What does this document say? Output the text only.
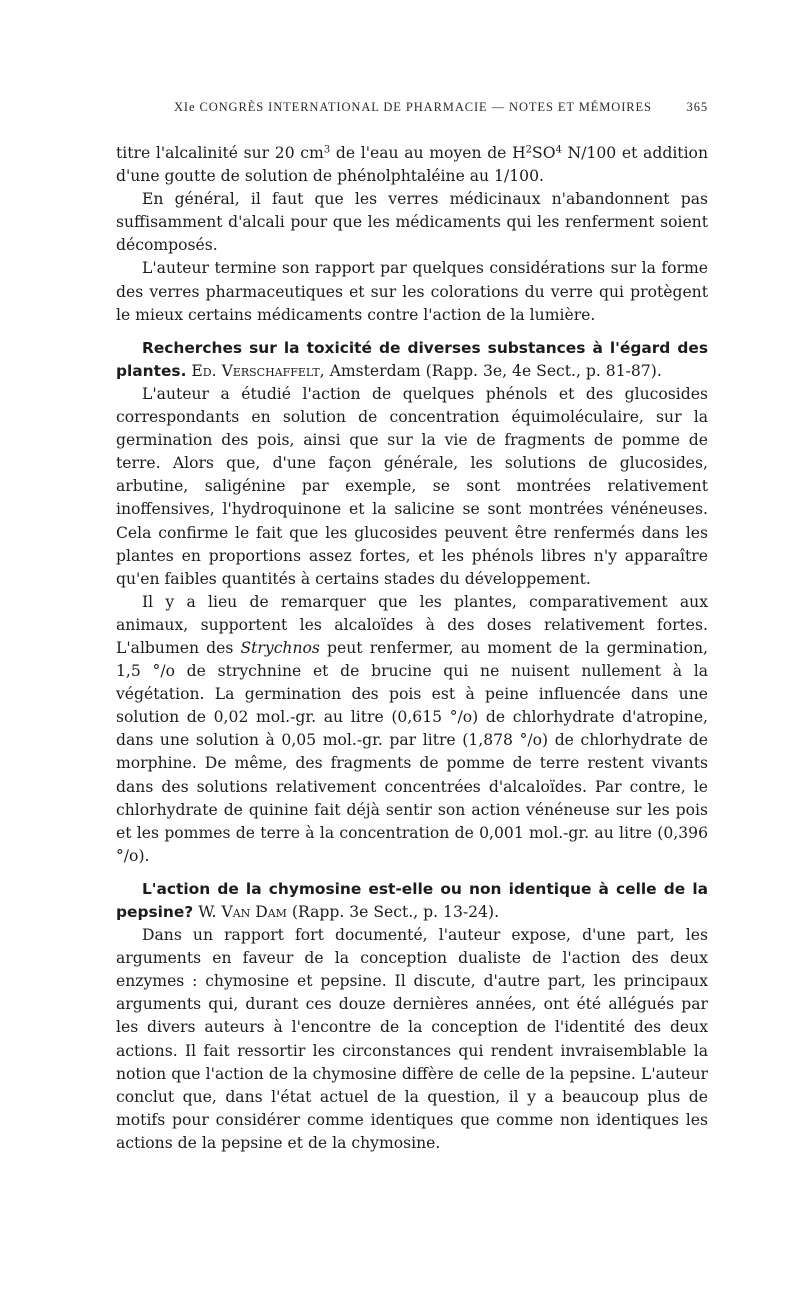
XIe CONGRÈS INTERNATIONAL DE PHARMACIE — NOTES ET MÉMOIRES	365

titre l'alcalinité sur 20 $cm^3$ de l'eau au moyen de $H^2SO^4$ N/100 et addition d'une goutte de solution de phénolphtaléine au 1/100.

En général, il faut que les verres médicinaux n'abandonnent pas suffisamment d'alcali pour que les médicaments qui les renferment soient décomposés.

L'auteur termine son rapport par quelques considérations sur la forme des verres pharmaceutiques et sur les colorations du verre qui protègent le mieux certains médicaments contre l'action de la lumière.

Recherches sur la toxicité de diverses substances à l'égard des plantes. Ed. Verschaffelt, Amsterdam (Rapp. 3e, 4e Sect., p. 81-87).

L'auteur a étudié l'action de quelques phénols et des glucosides correspondants en solution de concentration équimoléculaire, sur la germination des pois, ainsi que sur la vie de fragments de pomme de terre. Alors que, d'une façon générale, les solutions de glucosides, arbutine, saligénine par exemple, se sont montrées relativement inoffensives, l'hydroquinone et la salicine se sont montrées vénéneuses. Cela confirme le fait que les glucosides peuvent être renfermés dans les plantes en proportions assez fortes, et les phénols libres n'y apparaître qu'en faibles quantités à certains stades du développement.

Il y a lieu de remarquer que les plantes, comparativement aux animaux, supportent les alcaloïdes à des doses relativement fortes. L'albumen des Strychnos peut renfermer, au moment de la germination, 1,5 °/o de strychnine et de brucine qui ne nuisent nullement à la végétation. La germination des pois est à peine influencée dans une solution de 0,02 mol.-gr. au litre (0,615 °/o) de chlorhydrate d'atropine, dans une solution à 0,05 mol.-gr. par litre (1,878 °/o) de chlorhydrate de morphine. De même, des fragments de pomme de terre restent vivants dans des solutions relativement concentrées d'alcaloïdes. Par contre, le chlorhydrate de quinine fait déjà sentir son action vénéneuse sur les pois et les pommes de terre à la concentration de 0,001 mol.-gr. au litre (0,396 °/o).

L'action de la chymosine est-elle ou non identique à celle de la pepsine? W. Van Dam (Rapp. 3e Sect., p. 13-24).

Dans un rapport fort documenté, l'auteur expose, d'une part, les arguments en faveur de la conception dualiste de l'action des deux enzymes : chymosine et pepsine. Il discute, d'autre part, les principaux arguments qui, durant ces douze dernières années, ont été allégués par les divers auteurs à l'encontre de la conception de l'identité des deux actions. Il fait ressortir les circonstances qui rendent invraisemblable la notion que l'action de la chymosine diffère de celle de la pepsine. L'auteur conclut que, dans l'état actuel de la question, il y a beaucoup plus de motifs pour considérer comme identiques que comme non identiques les actions de la pepsine et de la chymosine.
